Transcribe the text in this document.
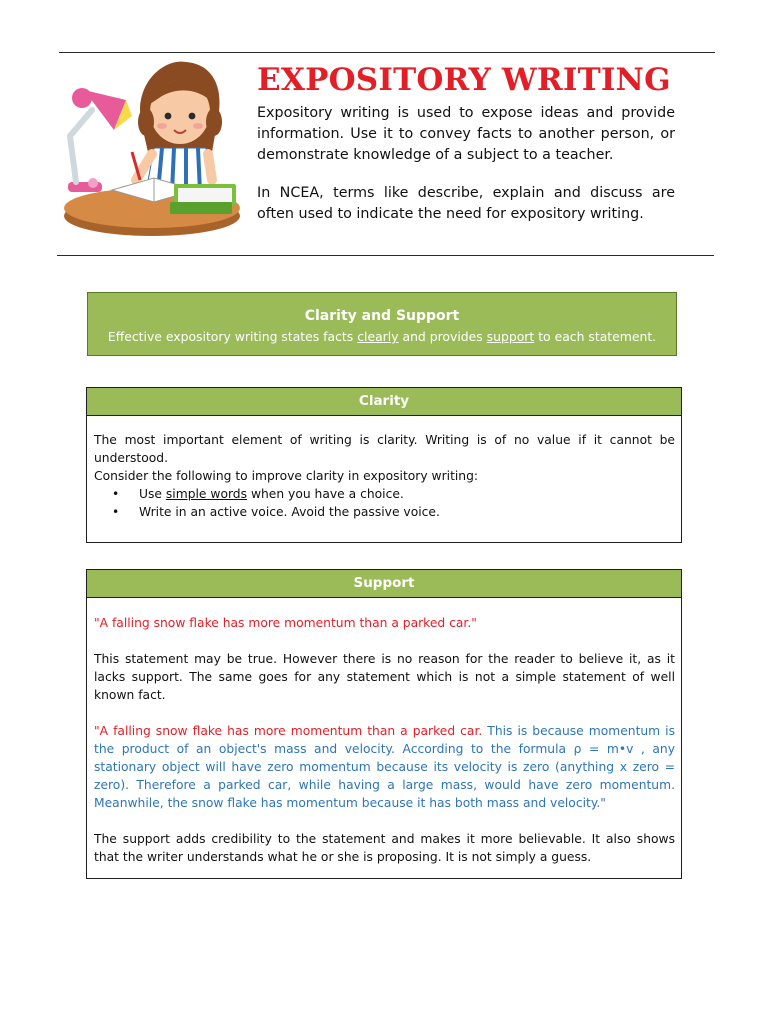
EXPOSITORY WRITING

Expository writing is used to expose ideas and provide information. Use it to convey facts to another person, or demonstrate knowledge of a subject to a teacher.

In NCEA, terms like describe, explain and discuss are often used to indicate the need for expository writing.

Clarity and Support
Effective expository writing states facts clearly and provides support to each statement.
Clarity

The most important element of writing is clarity. Writing is of no value if it cannot be understood.

Consider the following to improve clarity in expository writing:

• Use simple words when you have a choice.
• Write in an active voice. Avoid the passive voice.
Support

"A falling snow flake has more momentum than a parked car."

This statement may be true. However there is no reason for the reader to believe it, as it lacks support. The same goes for any statement which is not a simple statement of well known fact.

"A falling snow flake has more momentum than a parked car. This is because momentum is the product of an object's mass and velocity. According to the formula ρ = m•v , any stationary object will have zero momentum because its velocity is zero (anything x zero = zero). Therefore a parked car, while having a large mass, would have zero momentum. Meanwhile, the snow flake has momentum because it has both mass and velocity."

The support adds credibility to the statement and makes it more believable. It also shows that the writer understands what he or she is proposing. It is not simply a guess.
